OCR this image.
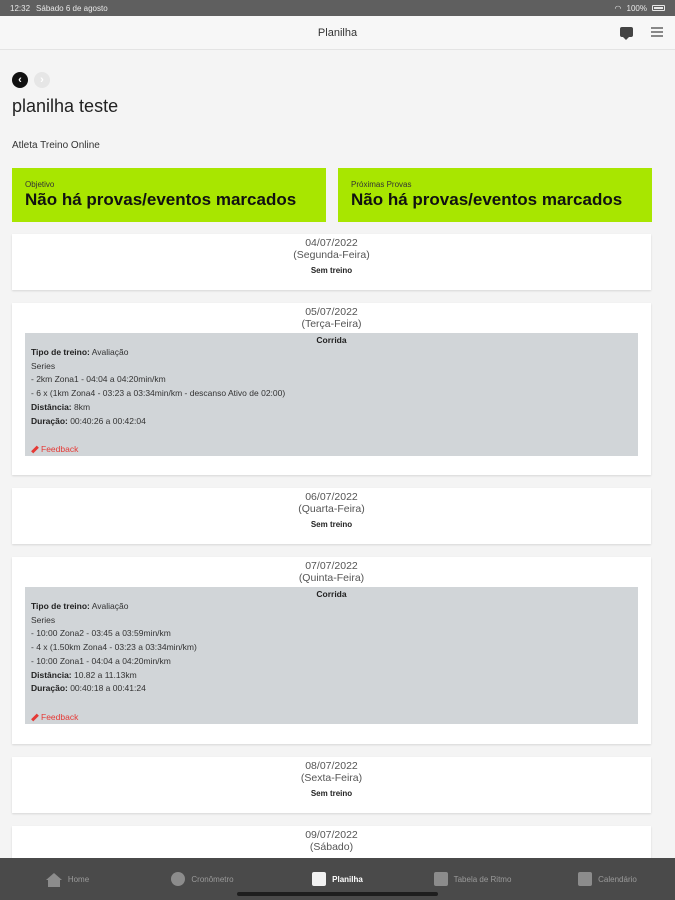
12:32 Sábado 6 de agosto	◠ 100%
Planilha
‹	›
planilha teste
Atleta Treino Online
Objetivo
Não há provas/eventos marcados
Próximas Provas
Não há provas/eventos marcados
04/07/2022
(Segunda-Feira)
Sem treino
05/07/2022
(Terça-Feira)
Corrida
Tipo de treino: Avaliação
Series
- 2km Zona1 - 04:04 a 04:20min/km
- 6 x (1km Zona4 - 03:23 a 03:34min/km - descanso Ativo de 02:00)
Distância: 8km
Duração: 00:40:26 a 00:42:04
Feedback
06/07/2022
(Quarta-Feira)
Sem treino
07/07/2022
(Quinta-Feira)
Corrida
Tipo de treino: Avaliação
Series
- 10:00 Zona2 - 03:45 a 03:59min/km
- 4 x (1.50km Zona4 - 03:23 a 03:34min/km)
- 10:00 Zona1 - 04:04 a 04:20min/km
Distância: 10.82 a 11.13km
Duração: 00:40:18 a 00:41:24
Feedback
08/07/2022
(Sexta-Feira)
Sem treino
09/07/2022
(Sábado)
Home	Cronômetro	Planilha	Tabela de Ritmo	Calendário
